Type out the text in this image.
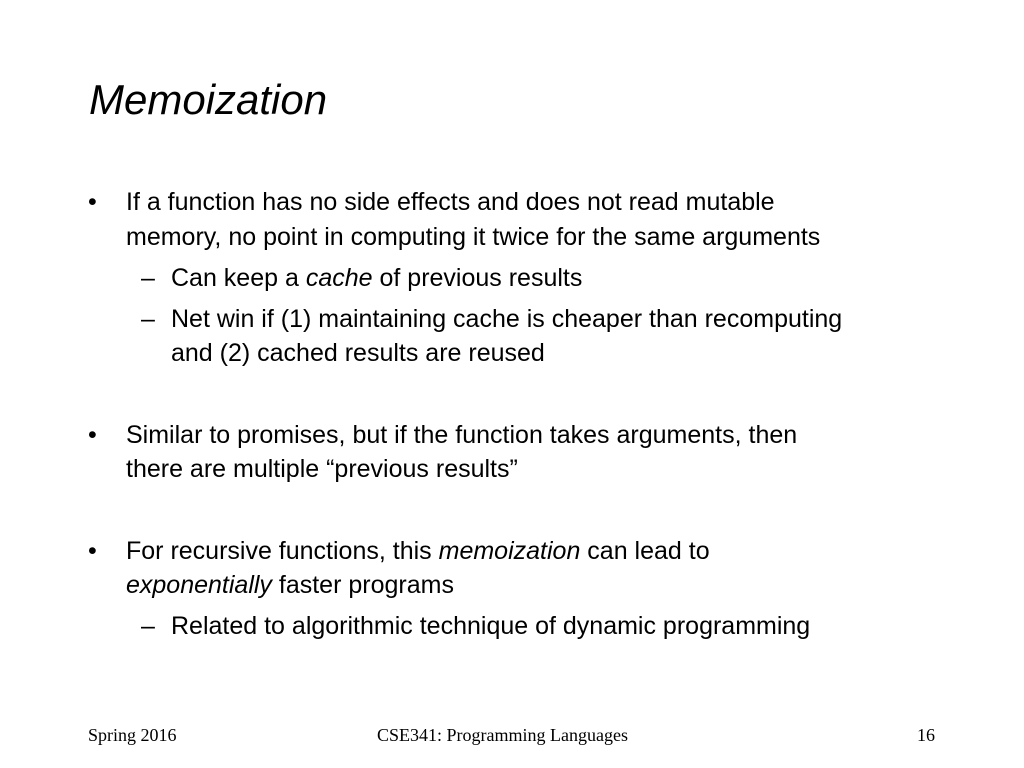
Memoization
• If a function has no side effects and does not read mutable
memory, no point in computing it twice for the same arguments
– Can keep a cache of previous results
– Net win if (1) maintaining cache is cheaper than recomputing
and (2) cached results are reused
• Similar to promises, but if the function takes arguments, then
there are multiple “previous results”
• For recursive functions, this memoization can lead to
exponentially faster programs
– Related to algorithmic technique of dynamic programming
Spring 2016	CSE341: Programming Languages	16
